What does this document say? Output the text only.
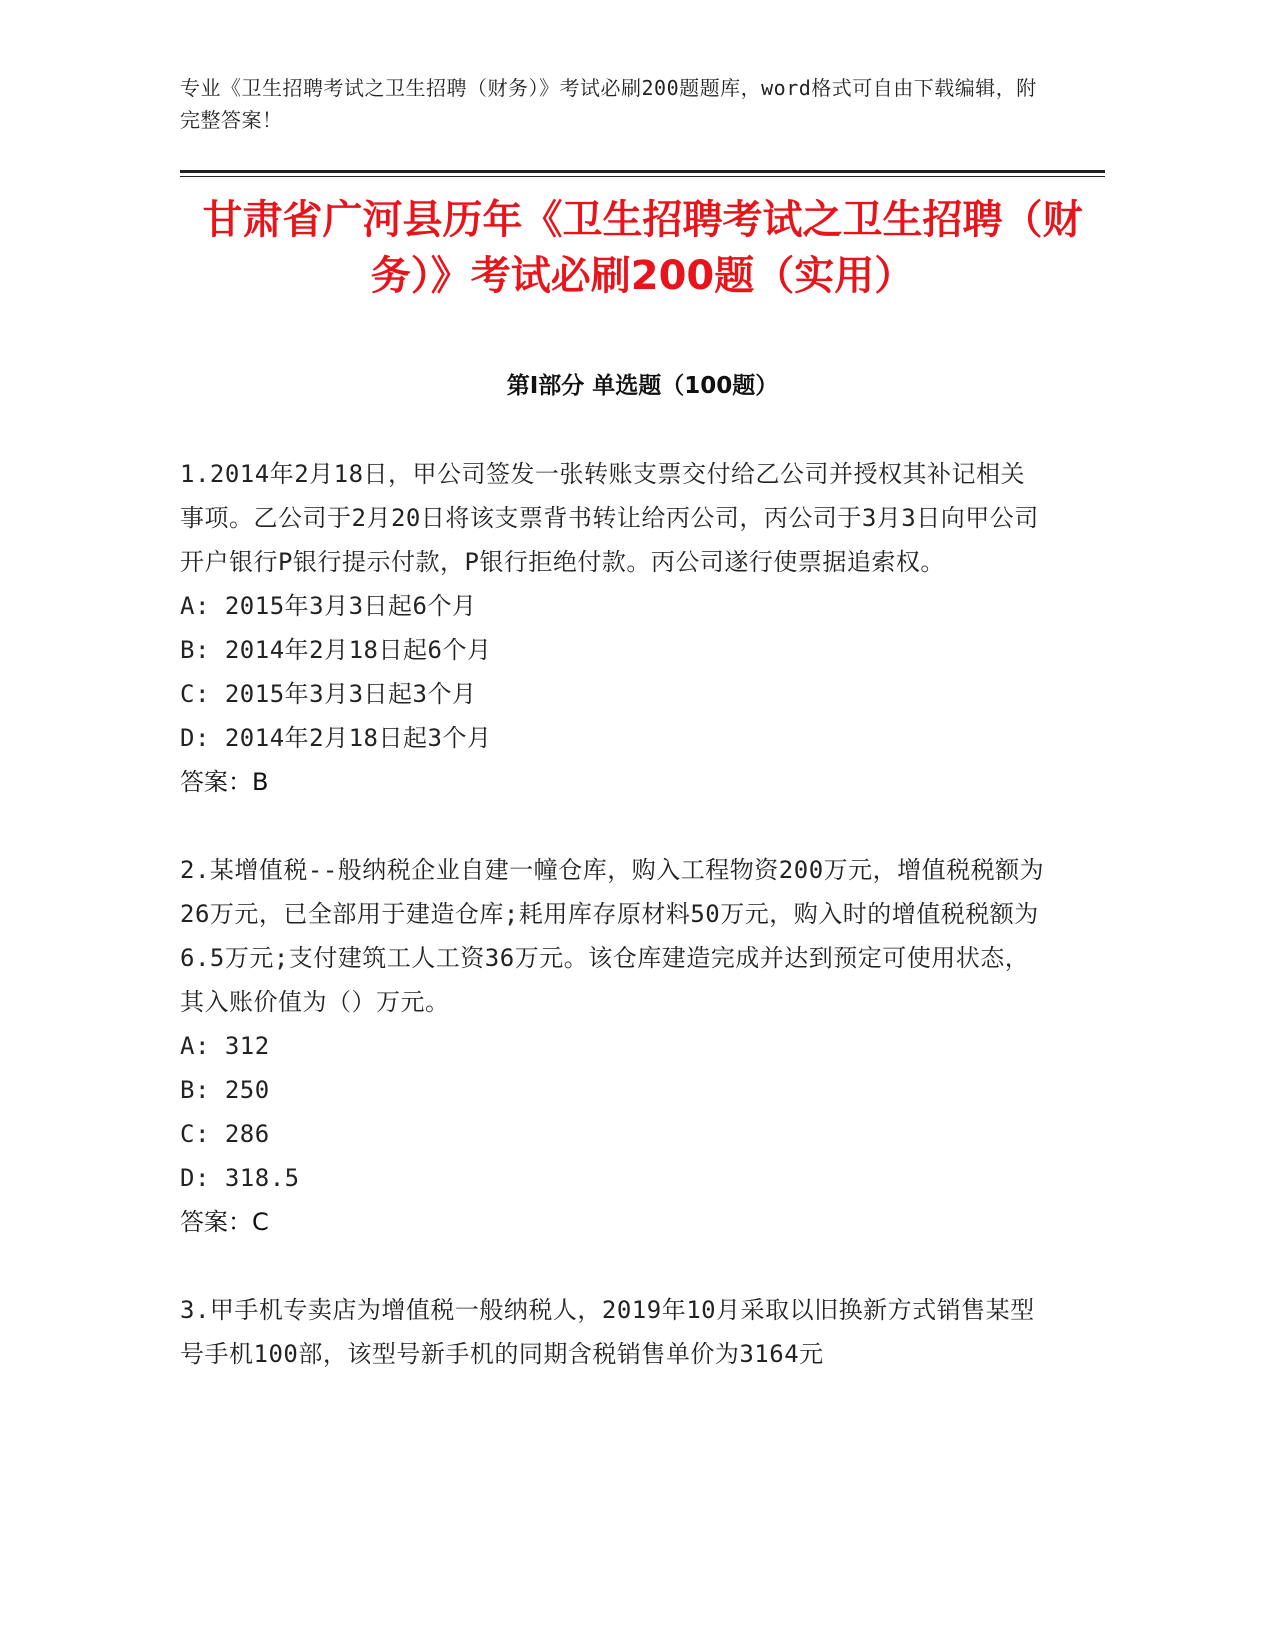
专业《卫生招聘考试之卫生招聘（财务）》考试必刷200题题库，word格式可自由下载编辑，附完整答案！
甘肃省广河县历年《卫生招聘考试之卫生招聘（财务）》考试必刷200题（实用）
第I部分 单选题（100题）
1.2014年2月18日，甲公司签发一张转账支票交付给乙公司并授权其补记相关事项。乙公司于2月20日将该支票背书转让给丙公司，丙公司于3月3日向甲公司开户银行P银行提示付款，P银行拒绝付款。丙公司遂行使票据追索权。
A: 2015年3月3日起6个月
B: 2014年2月18日起6个月
C: 2015年3月3日起3个月
D: 2014年2月18日起3个月
答案：B
2.某增值税--般纳税企业自建一幢仓库，购入工程物资200万元，增值税税额为26万元，已全部用于建造仓库;耗用库存原材料50万元，购入时的增值税税额为6.5万元;支付建筑工人工资36万元。该仓库建造完成并达到预定可使用状态，其入账价值为（）万元。
A: 312
B: 250
C: 286
D: 318.5
答案：C
3.甲手机专卖店为增值税一般纳税人，2019年10月采取以旧换新方式销售某型号手机100部，该型号新手机的同期含税销售单价为3164元
